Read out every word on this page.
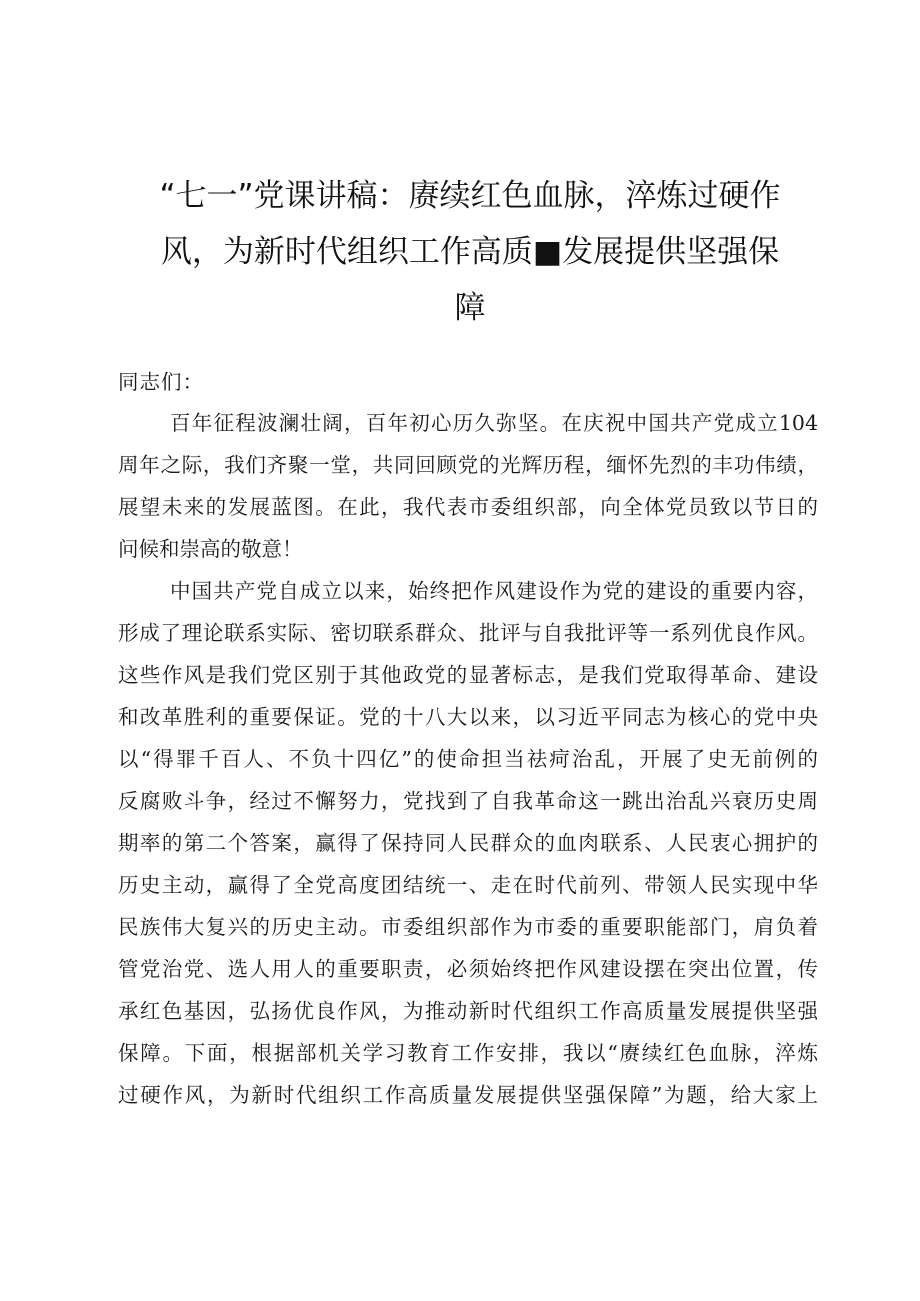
“七一”党课讲稿：赓续红色血脉，淬炼过硬作
风，为新时代组织工作高质■发展提供坚强保
障

同志们：

百年征程波澜壮阔，百年初心历久弥坚。在庆祝中国共产党成立104
周年之际，我们齐聚一堂，共同回顾党的光辉历程，缅怀先烈的丰功伟绩，
展望未来的发展蓝图。在此，我代表市委组织部，向全体党员致以节日的
问候和崇高的敬意！
中国共产党自成立以来，始终把作风建设作为党的建设的重要内容，
形成了理论联系实际、密切联系群众、批评与自我批评等一系列优良作风。
这些作风是我们党区别于其他政党的显著标志，是我们党取得革命、建设
和改革胜利的重要保证。党的十八大以来，以习近平同志为核心的党中央
以“得罪千百人、不负十四亿”的使命担当祛疴治乱，开展了史无前例的
反腐败斗争，经过不懈努力，党找到了自我革命这一跳出治乱兴衰历史周
期率的第二个答案，赢得了保持同人民群众的血肉联系、人民衷心拥护的
历史主动，赢得了全党高度团结统一、走在时代前列、带领人民实现中华
民族伟大复兴的历史主动。市委组织部作为市委的重要职能部门，肩负着
管党治党、选人用人的重要职责，必须始终把作风建设摆在突出位置，传
承红色基因，弘扬优良作风，为推动新时代组织工作高质量发展提供坚强
保障。下面，根据部机关学习教育工作安排，我以“赓续红色血脉，淬炼
过硬作风，为新时代组织工作高质量发展提供坚强保障”为题，给大家上
